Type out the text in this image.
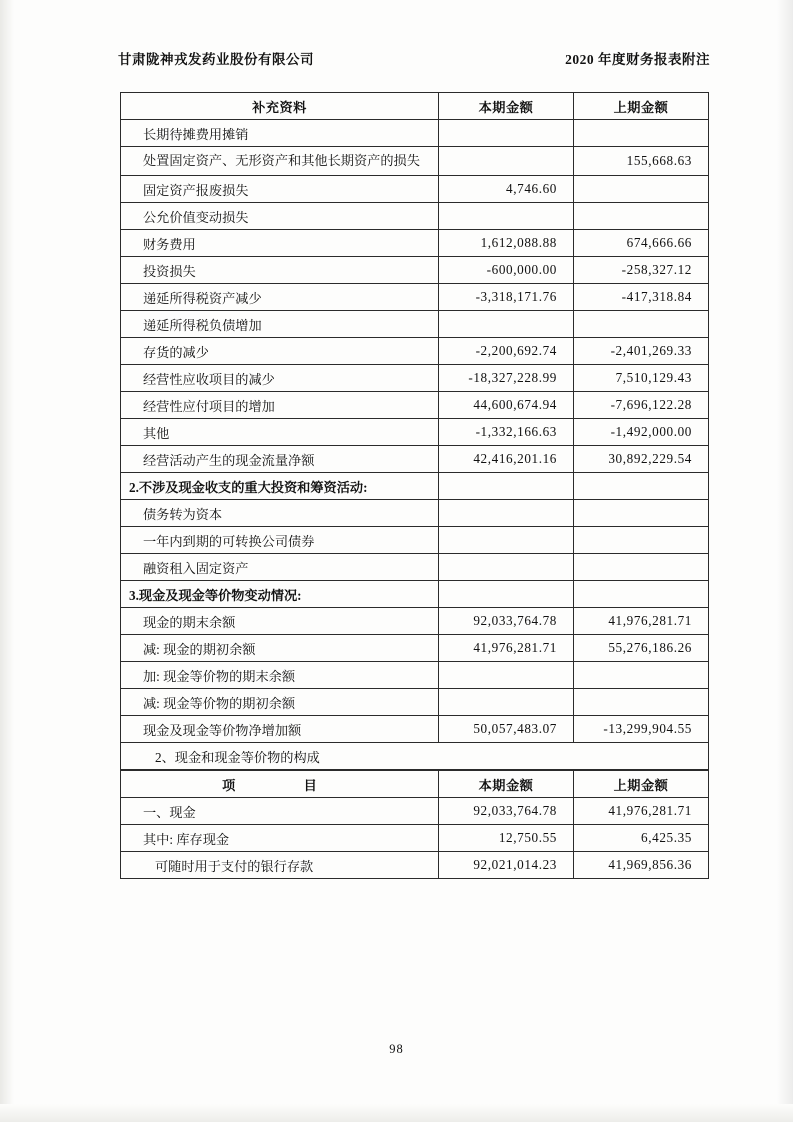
甘肃陇神戎发药业股份有限公司	2020 年度财务报表附注
补充资料	本期金额	上期金额
长期待摊费用摊销		
处置固定资产、无形资产和其他长期资产的损失		155,668.63
固定资产报废损失	4,746.60	
公允价值变动损失		
财务费用	1,612,088.88	674,666.66
投资损失	-600,000.00	-258,327.12
递延所得税资产减少	-3,318,171.76	-417,318.84
递延所得税负债增加		
存货的减少	-2,200,692.74	-2,401,269.33
经营性应收项目的减少	-18,327,228.99	7,510,129.43
经营性应付项目的增加	44,600,674.94	-7,696,122.28
其他	-1,332,166.63	-1,492,000.00
经营活动产生的现金流量净额	42,416,201.16	30,892,229.54
2.不涉及现金收支的重大投资和筹资活动:		
债务转为资本		
一年内到期的可转换公司债券		
融资租入固定资产		
3.现金及现金等价物变动情况:		
现金的期末余额	92,033,764.78	41,976,281.71
减: 现金的期初余额	41,976,281.71	55,276,186.26
加: 现金等价物的期末余额		
减: 现金等价物的期初余额		
现金及现金等价物净增加额	50,057,483.07	-13,299,904.55
2、现金和现金等价物的构成		
项　　目	本期金额	上期金额
一、现金	92,033,764.78	41,976,281.71
其中: 库存现金	12,750.55	6,425.35
可随时用于支付的银行存款	92,021,014.23	41,969,856.36
98
